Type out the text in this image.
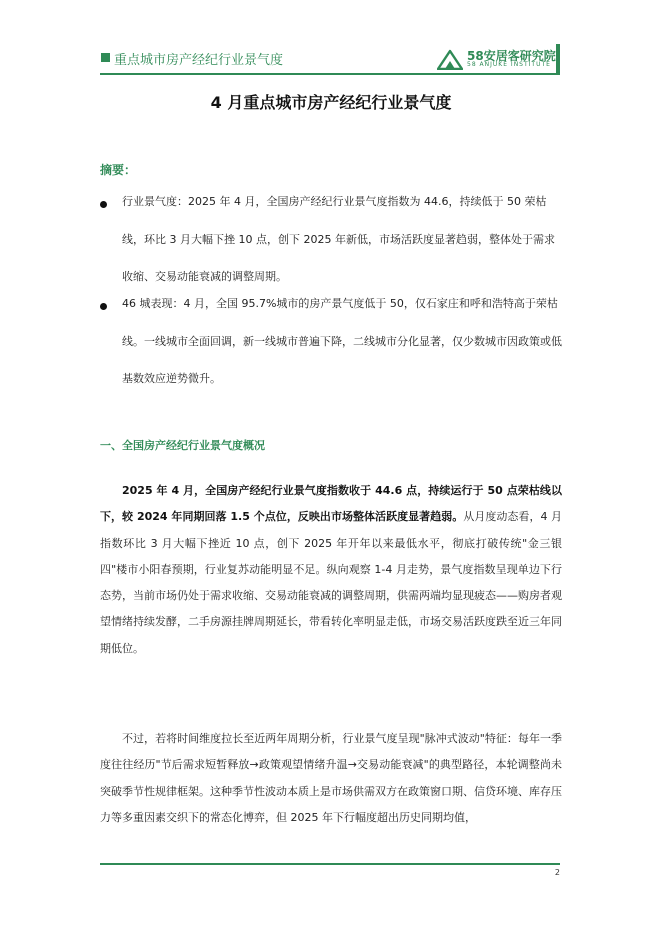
重点城市房产经纪行业景气度	58安居客研究院
58 ANJUKE INSTITUTE
4 月重点城市房产经纪行业景气度
摘要：

行业景气度：2025 年 4 月，全国房产经纪行业景气度指数为 44.6，持续低于 50 荣枯线，环比 3 月大幅下挫 10 点，创下 2025 年新低，市场活跃度显著趋弱，整体处于需求收缩、交易动能衰减的调整周期。

46 城表现：4 月，全国 95.7%城市的房产景气度低于 50，仅石家庄和呼和浩特高于荣枯线。一线城市全面回调，新一线城市普遍下降，二线城市分化显著，仅少数城市因政策或低基数效应逆势微升。

一、全国房产经纪行业景气度概况

2025 年 4 月，全国房产经纪行业景气度指数收于 44.6 点，持续运行于 50 点荣枯线以下，较 2024 年同期回落 1.5 个点位，反映出市场整体活跃度显著趋弱。从月度动态看，4 月指数环比 3 月大幅下挫近 10 点，创下 2025 年开年以来最低水平，彻底打破传统"金三银四"楼市小阳春预期，行业复苏动能明显不足。纵向观察 1-4 月走势，景气度指数呈现单边下行态势，当前市场仍处于需求收缩、交易动能衰减的调整周期，供需两端均显现疲态——购房者观望情绪持续发酵，二手房源挂牌周期延长，带看转化率明显走低，市场交易活跃度跌至近三年同期低位。

不过，若将时间维度拉长至近两年周期分析，行业景气度呈现"脉冲式波动"特征：每年一季度往往经历"节后需求短暂释放→政策观望情绪升温→交易动能衰减"的典型路径，本轮调整尚未突破季节性规律框架。这种季节性波动本质上是市场供需双方在政策窗口期、信贷环境、库存压力等多重因素交织下的常态化博弈，但 2025 年下行幅度超出历史同期均值，

2
